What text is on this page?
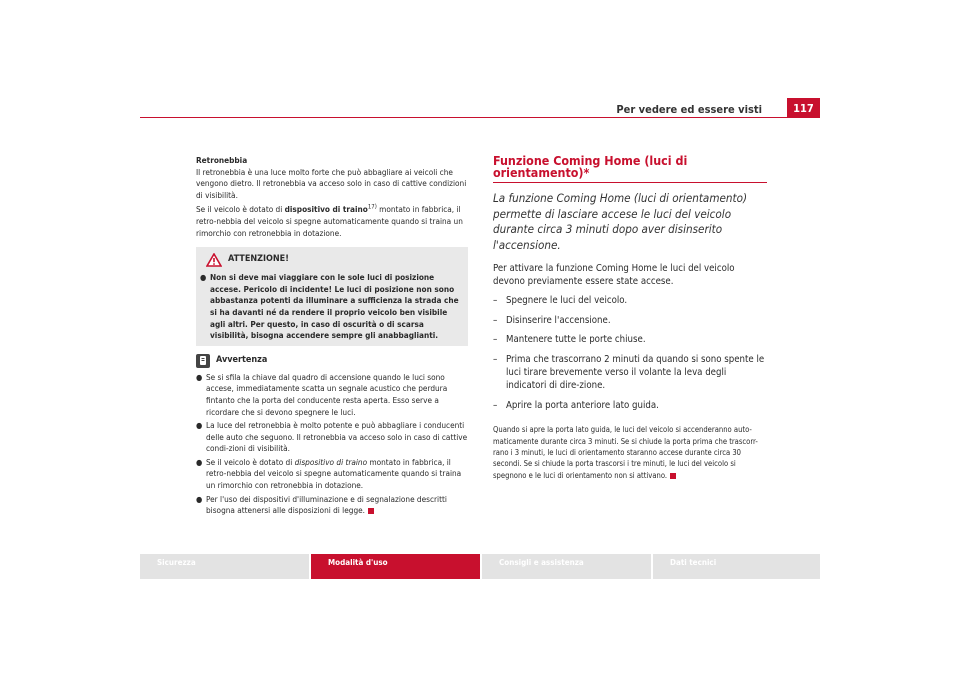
Per vedere ed essere visti	117

Retronebbia

Il retronebbia è una luce molto forte che può abbagliare ai veicoli che vengono dietro. Il retronebbia va acceso solo in caso di cattive condizioni di visibilità.

Se il veicolo è dotato di dispositivo di traino$^{17)}$ montato in fabbrica, il retro-nebbia del veicolo si spegne automaticamente quando si traina un rimorchio con retronebbia in dotazione.

ATTENZIONE!
● Non si deve mai viaggiare con le sole luci di posizione accese. Pericolo di incidente! Le luci di posizione non sono abbastanza potenti da illuminare a sufficienza la strada che si ha davanti né da rendere il proprio veicolo ben visibile agli altri. Per questo, in caso di oscurità o di scarsa visibilità, bisogna accendere sempre gli anabbaglianti.
Avvertenza
● Se si sfila la chiave dal quadro di accensione quando le luci sono accese, immediatamente scatta un segnale acustico che perdura fintanto che la porta del conducente resta aperta. Esso serve a ricordare che si devono spegnere le luci.
● La luce del retronebbia è molto potente e può abbagliare i conducenti delle auto che seguono. Il retronebbia va acceso solo in caso di cattive condi-zioni di visibilità.
● Se il veicolo è dotato di dispositivo di traino montato in fabbrica, il retro-nebbia del veicolo si spegne automaticamente quando si traina un rimorchio con retronebbia in dotazione.
● Per l'uso dei dispositivi d'illuminazione e di segnalazione descritti bisogna attenersi alle disposizioni di legge.
Funzione Coming Home (luci di orientamento)*
La funzione Coming Home (luci di orientamento) permette di lasciare accese le luci del veicolo durante circa 3 minuti dopo aver disinserito l'accensione.
Per attivare la funzione Coming Home le luci del veicolo devono previamente essere state accese.
– Spegnere le luci del veicolo.
– Disinserire l'accensione.
– Mantenere tutte le porte chiuse.
– Prima che trascorrano 2 minuti da quando si sono spente le luci tirare brevemente verso il volante la leva degli indicatori di dire-zione.
– Aprire la porta anteriore lato guida.
Quando si apre la porta lato guida, le luci del veicolo si accenderanno auto-maticamente durante circa 3 minuti. Se si chiude la porta prima che trascorr-rano i 3 minuti, le luci di orientamento staranno accese durante circa 30 secondi. Se si chiude la porta trascorsi i tre minuti, le luci del veicolo si spegnono e le luci di orientamento non si attivano.
Sicurezza	Modalità d'uso	Consigli e assistenza	Dati tecnici
